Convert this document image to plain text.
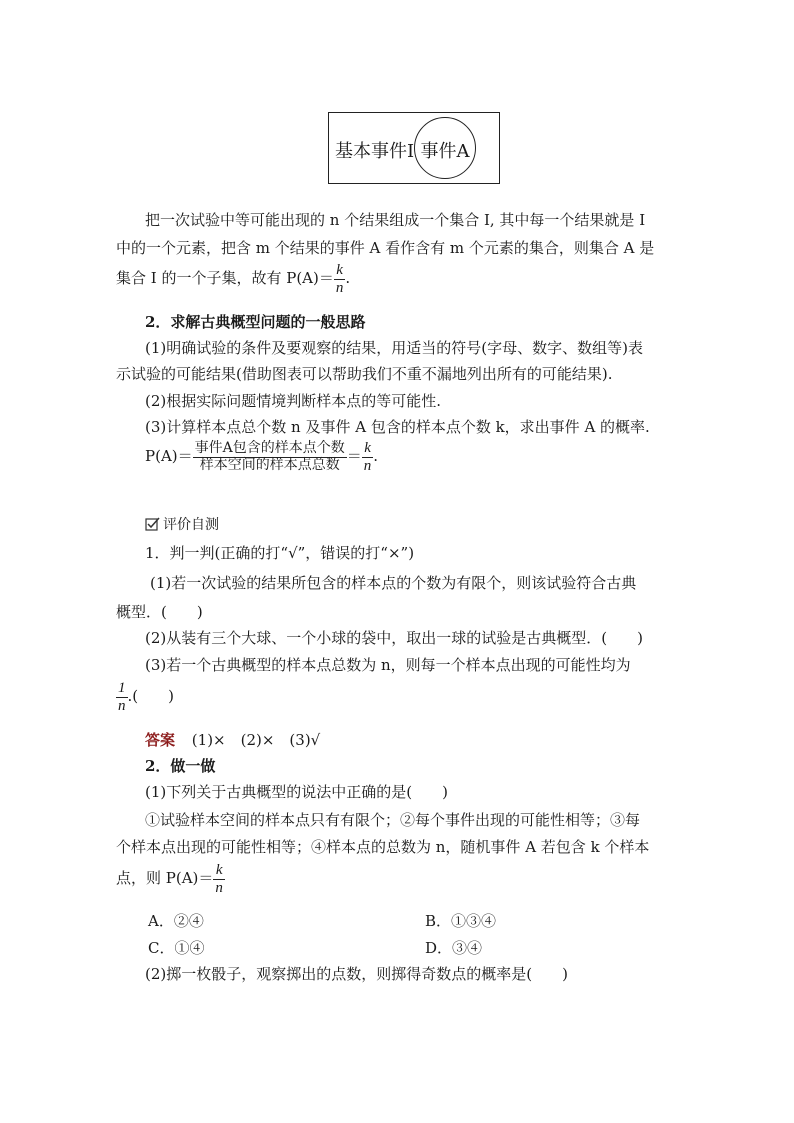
基本事件I 事件A
把一次试验中等可能出现的 n 个结果组成一个集合 I, 其中每一个结果就是 I
中的一个元素，把含 m 个结果的事件 A 看作含有 m 个元素的集合，则集合 A 是
集合 I 的一个子集，故有 $P(A)= \frac{k}{n}$ .
2．求解古典概型问题的一般思路
(1)明确试验的条件及要观察的结果，用适当的符号(字母、数字、数组等)表
示试验的可能结果(借助图表可以帮助我们不重不漏地列出所有的可能结果).
(2)根据实际问题情境判断样本点的等可能性.
(3)计算样本点总个数 n 及事件 A 包含的样本点个数 k，求出事件 A 的概率.
$P(A)= \frac{\text{事件A包含的样本点个数}}{\text{样本空间的样本点总数}} = \frac{k}{n}$ .
评价自测
1．判一判(正确的打“√”，错误的打“×”)
(1)若一次试验的结果所包含的样本点的个数为有限个，则该试验符合古典
概型．(　　)
(2)从装有三个大球、一个小球的袋中，取出一球的试验是古典概型．(　　)
(3)若一个古典概型的样本点总数为 n，则每一个样本点出现的可能性均为
$\frac{1}{n}$ .(　　)
答案 (1)×　(2)×　(3)√
2．做一做
(1)下列关于古典概型的说法中正确的是(　　)
①试验样本空间的样本点只有有限个；②每个事件出现的可能性相等；③每
个样本点出现的可能性相等；④样本点的总数为 n，随机事件 A 若包含 k 个样本
点，则 $P(A)= \frac{k}{n}$
A．②④	B．①③④
C．①④	D．③④
(2)掷一枚骰子，观察掷出的点数，则掷得奇数点的概率是(　　)
